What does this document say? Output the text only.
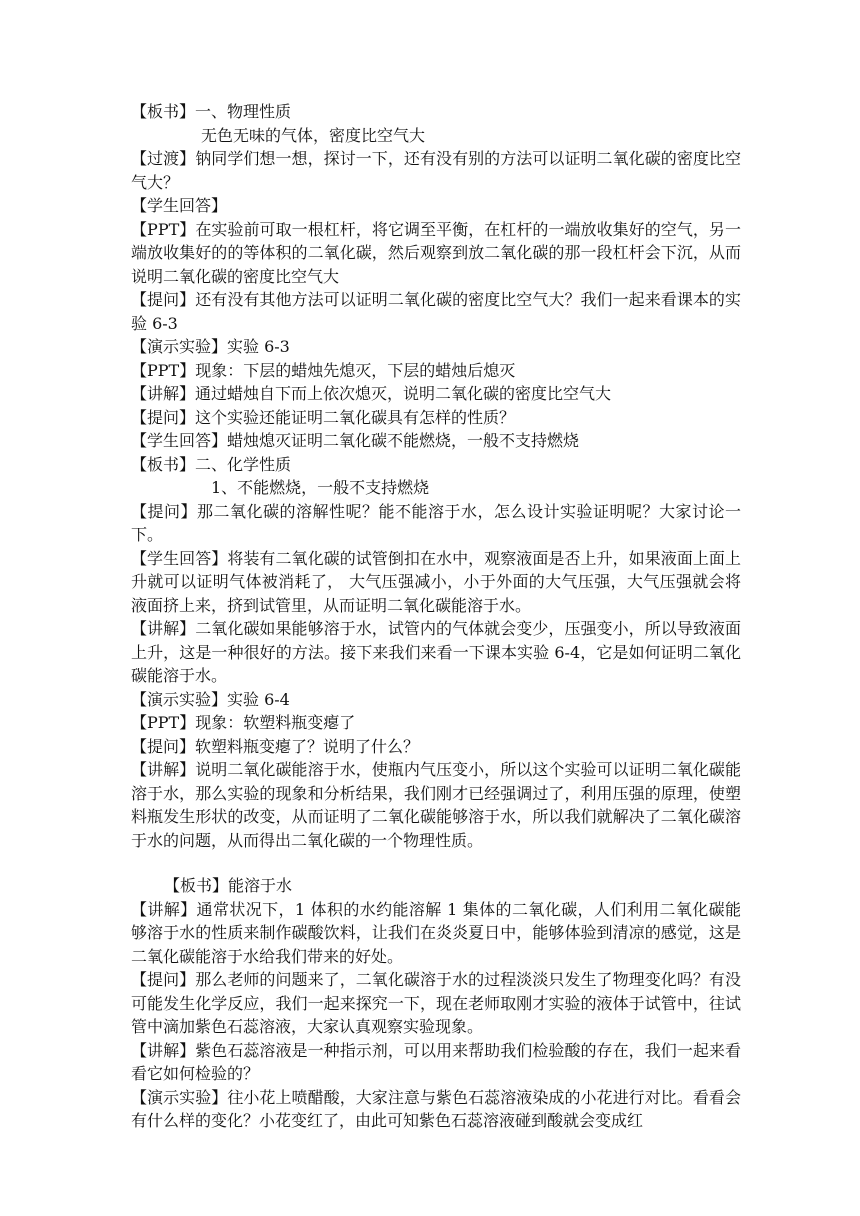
【板书】一、物理性质

无色无味的气体，密度比空气大

【过渡】钠同学们想一想，探讨一下，还有没有别的方法可以证明二氧化碳的密度比空气大？

【学生回答】

【PPT】在实验前可取一根杠杆，将它调至平衡，在杠杆的一端放收集好的空气，另一端放收集好的的等体积的二氧化碳，然后观察到放二氧化碳的那一段杠杆会下沉，从而说明二氧化碳的密度比空气大

【提问】还有没有其他方法可以证明二氧化碳的密度比空气大？我们一起来看课本的实验 6-3

【演示实验】实验 6-3

【PPT】现象：下层的蜡烛先熄灭，下层的蜡烛后熄灭

【讲解】通过蜡烛自下而上依次熄灭，说明二氧化碳的密度比空气大

【提问】这个实验还能证明二氧化碳具有怎样的性质？

【学生回答】蜡烛熄灭证明二氧化碳不能燃烧，一般不支持燃烧

【板书】二、化学性质

1、不能燃烧，一般不支持燃烧

【提问】那二氧化碳的溶解性呢？能不能溶于水，怎么设计实验证明呢？大家讨论一下。

【学生回答】将装有二氧化碳的试管倒扣在水中，观察液面是否上升，如果液面上面上升就可以证明气体被消耗了， 大气压强减小，小于外面的大气压强，大气压强就会将液面挤上来，挤到试管里，从而证明二氧化碳能溶于水。

【讲解】二氧化碳如果能够溶于水，试管内的气体就会变少，压强变小，所以导致液面上升，这是一种很好的方法。接下来我们来看一下课本实验 6-4，它是如何证明二氧化碳能溶于水。

【演示实验】实验 6-4

【PPT】现象：软塑料瓶变瘪了

【提问】软塑料瓶变瘪了？说明了什么？

【讲解】说明二氧化碳能溶于水，使瓶内气压变小，所以这个实验可以证明二氧化碳能溶于水，那么实验的现象和分析结果，我们刚才已经强调过了，利用压强的原理，使塑料瓶发生形状的改变，从而证明了二氧化碳能够溶于水，所以我们就解决了二氧化碳溶于水的问题，从而得出二氧化碳的一个物理性质。

【板书】能溶于水

【讲解】通常状况下，1 体积的水约能溶解 1 集体的二氧化碳，人们利用二氧化碳能够溶于水的性质来制作碳酸饮料，让我们在炎炎夏日中，能够体验到清凉的感觉，这是二氧化碳能溶于水给我们带来的好处。

【提问】那么老师的问题来了，二氧化碳溶于水的过程淡淡只发生了物理变化吗？有没可能发生化学反应，我们一起来探究一下，现在老师取刚才实验的液体于试管中，往试管中滴加紫色石蕊溶液，大家认真观察实验现象。

【讲解】紫色石蕊溶液是一种指示剂，可以用来帮助我们检验酸的存在，我们一起来看看它如何检验的？

【演示实验】往小花上喷醋酸，大家注意与紫色石蕊溶液染成的小花进行对比。看看会有什么样的变化？小花变红了，由此可知紫色石蕊溶液碰到酸就会变成红
